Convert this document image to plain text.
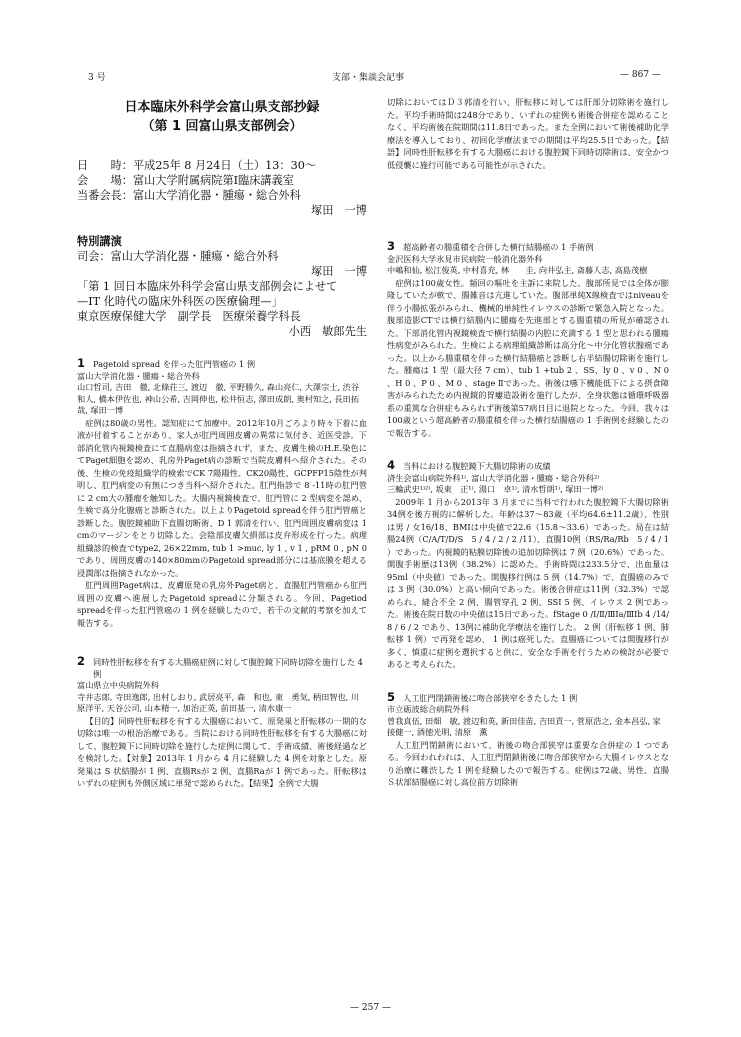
3 号	支部・集談会記事	— 867 —
日本臨床外科学会富山県支部抄録
（第 1 回富山県支部例会）
日　　時： 平成25年 8 月24日（土）13：30〜
会　　場： 富山大学附属病院第Ⅰ臨床講義室
当番会長： 富山大学消化器・腫瘍・総合外科
塚田　一博
特別講演
司会：富山大学消化器・腫瘍・総合外科
塚田　一博
「第 1 回日本臨床外科学会富山県支部例会によせて
—IT 化時代の臨床外科医の医療倫理—」
東京医療保健大学　副学長　医療栄養学科長
小西　敏郎先生
1 Pagetoid spread を伴った肛門管癌の 1 例
富山大学消化器・腫瘍・総合外科
山口哲司, 吉田　徹, 北條荘三, 渡辺　徹, 平野勝久, 森山亮仁, 大澤宗士, 渋谷和人, 橋本伊佐也, 神山公希, 吉岡伸也, 松井恒志, 澤田成朗, 奥村知之, 長田拓哉, 塚田一博

症例は80歳の男性。認知症にて加療中。2012年10月ごろより時々下着に血液が付着することがあり、家人が肛門周囲皮膚の異常に気付き、近医受診。下部消化管内視鏡検査にて直腸病変は指摘されず、また、皮膚生検のH.E.染色にてPaget細胞を認め、乳房外Paget病の診断で当院皮膚科へ紹介された。その後、生検の免疫組織学的検索でCK 7陽陽性、CK20陽性、GCPFP15陰性が判明し、肛門病変の有無につき当科へ紹介された。肛門指診で 8 -11時の肛門管に 2 cm大の腫瘤を触知した。大腸内視鏡検査で、肛門管に 2 型病変を認め、生検で高分化腺癌と診断された。以上よりPagetoid spreadを伴う肛門管癌と診断した。腹腔鏡補助下直腸切断術、D 1 郭清を行い、肛門周囲皮膚病変は 1 cmのマージンをとり切除した。会陰部皮膚欠損部は皮弁形成を行った。病理組織診的検査でtype2, 26×22mm, tub 1 >muc, ly 1 , v 1 , pRM 0 , pN 0 であり、周囲皮膚の140×80mmのPagetoid spread部分には基底膜を超える浸潤部は指摘されなかった。

肛門周囲Paget病は、皮膚原発の乳房外Paget病と、直腸肛門管癌から肛門周囲の皮膚へ進展したPagetoid spreadに分類される。今回、Pagetiod spreadを伴った肛門管癌の 1 例を経験したので、若干の文献的考察を加えて報告する。

2 同時性肝転移を有する大腸癌症例に対して腹腔鏡下同時切除を施行した 4 例
富山県立中央病院外科
寺井志郎, 寺田逸郎, 出村しおり, 武居亮平, 森　和也, 東　勇気, 柄田智也, 川原洋平, 天谷公司, 山本精一, 加治正英, 前田基一, 清水康一

【目的】同時性肝転移を有する大腸癌において、原発巣と肝転移の一期的な切除は唯一の根治治療である。当院における同時性肝転移を有する大腸癌に対して、腹腔鏡下に同時切除を施行した症例に関して、手術成績、術後経過などを検討した。【対象】2013年 1 月から 4 月に経験した 4 例を対象とした。原発巣は S 状結腸が 1 例、直腸Rsが 2 例、直腸Raが 1 例であった。肝転移はいずれの症例も外側区域に単発で認められた。【結果】全例で大腸

切除においてはＤ３郭清を行い、肝転移に対しては肝部分切除術を施行した。平均手術時間は248分であり、いずれの症例も術後合併症を認めることなく、平均術後在院期間は11.8日であった。また全例において術後補助化学療法を導入しており、初回化学療法までの期間は平均25.5日であった。【結語】同時性肝転移を有する大腸癌における腹腔鏡下同時切除術は、安全かつ低侵襲に施行可能である可能性が示された。

3 超高齢者の腸重積を合併した横行結腸癌の 1 手術例
金沢医科大学氷見市民病院一般消化器外科
中嶋和仙, 松江俊英, 中村喜充, 林　　圭, 向井弘主, 斎藤人志, 高島茂樹

症例は100歳女性。頻回の嘔吐を主訴に来院した。腹部所見では全体が膨隆していたが軟で、腸雑音は亢進していた。腹部単純X線検査ではniveauを伴う小腸拡張がみられ、機械的単純性イレウスの診断で緊急入院となった。腹部造影CTでは横行結腸内に腫瘍を先進部とする腸重積の所見が確認された。下部消化管内視鏡検査で横行結腸の内腔に充満する 1 型と思われる腫瘍性病変がみられた。生検による病理組織診断は高分化〜中分化管状腺癌であった。以上から腸重積を伴った横行結腸癌と診断し右半結腸切除術を施行した。腫瘍は 1 型（最大径 7 cm）、tub 1 +tub 2 、SS、ly 0 、v 0 、N 0 、H 0 、P 0 、M 0 、stage Ⅱであった。術後は嚥下機能低下による摂食障害がみられたため内視鏡的胃瘻造設術を施行したが、全身状態は循環呼吸器系の重篤な合併症もみられず術後第57病日目に退院となった。今回、我々は100歳という超高齢者の腸重積を伴った横行結腸癌の 1 手術例を経験したので報告する。

4 当科における腹腔鏡下大腸切除術の成績
済生会富山病院外科¹⁾, 富山大学消化器・腫瘍・総合外科²⁾
三輪武史¹⁾²⁾, 坂東　正¹⁾, 湯口　卓¹⁾, 清水哲朗¹⁾, 塚田一博²⁾

2009年 1 月から2013年 3 月までに当科で行われた腹腔鏡下大腸切除術34例を後方視的に解析した。年齢は37〜83歳（平均64.6±11.2歳）、性別は男 / 女16/18、BMIは中央値で22.6（15.8〜33.6）であった。局在は結腸24例（C/A/T/D/S　5 / 4 / 2 / 2 /11）、直腸10例（RS/Ra/Rb　5 / 4 / 1 ）であった。内視鏡的粘膜切除後の追加切除例は 7 例（20.6%）であった。開腹手術歴は13例（38.2%）に認めた。手術時間は233.5分で、出血量は95ml（中央値）であった。開腹移行例は 5 例（14.7%）で、直腸癌のみでは 3 例（30.0%）と高い傾向であった。術後合併症は11例（32.3%）で認められ、縫合不全 2 例、腸管穿孔 2 例、SSI 5 例、イレウス 2 例であった。術後在院日数の中央値は15日であった。fStage 0 /Ⅰ/Ⅱ/ⅢIa/ⅢIb 4 /14/ 8 / 6 / 2 であり、13例に補助化学療法を施行した。 2 例（肝転移 1 例、肺転移 1 例）で再発を認め、 1 例は癌死した。直腸癌については開腹移行が多く、慎重に症例を選択すると供に、安全な手術を行うための検討が必要であると考えられた。

5 人工肛門閉鎖術後に吻合部狭窄をきたした 1 例
市立砺波総合病院外科
曽我真伍, 田畑　敏, 渡辺和英, 新田佳苗, 吉田貢一, 菅原浩之, 金本昌弘, 家接健一, 酒徳光明, 清原　薫

人工肛門閉鎖術において、術後の吻合部狭窄は重要な合併症の 1 つである。今回われわれは、人工肛門閉鎖術後に吻合部狭窄から大腸イレウスとなり治療に難渋した 1 例を経験したので報告する。症例は72歳、男性、直腸Ｓ状部結腸癌に対し高位前方切除術

— 257 —
